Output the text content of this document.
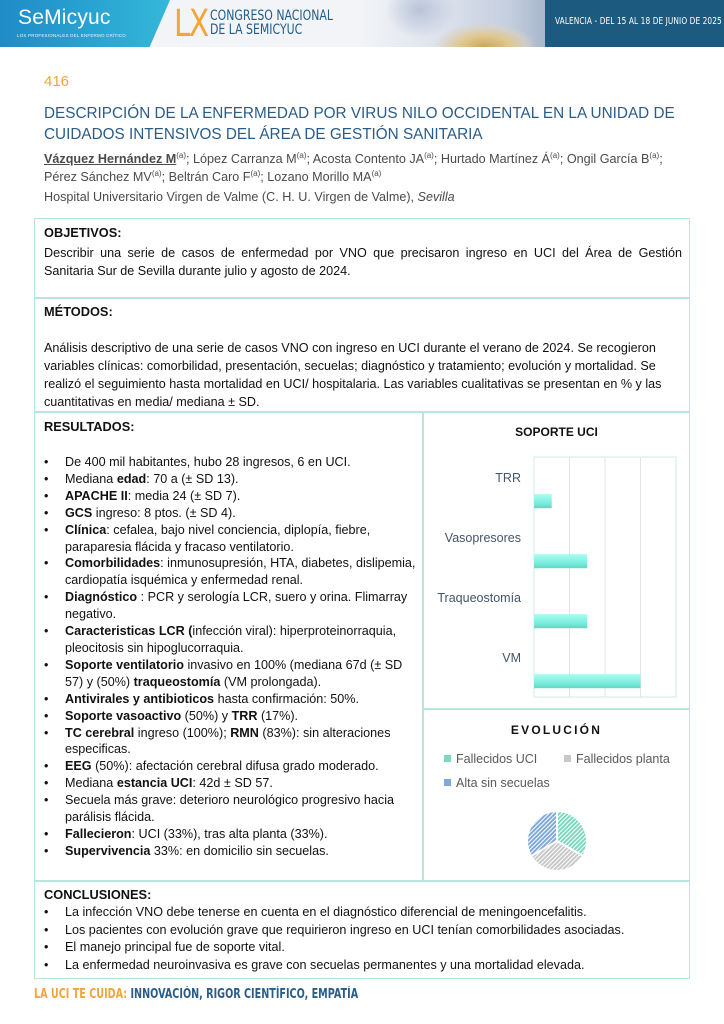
SeMicyuc
LOS PROFESIONALES DEL ENFERMO CRÍTICO LX CONGRESO NACIONAL
DE LA SEMICYUC
VALENCIA - DEL 15 AL 18 DE JUNIO DE 2025
416
DESCRIPCIÓN DE LA ENFERMEDAD POR VIRUS NILO OCCIDENTAL EN LA UNIDAD DE CUIDADOS INTENSIVOS DEL ÁREA DE GESTIÓN SANITARIA
Vázquez Hernández $M^{(a)}$; López Carranza $M^{(a)}$; Acosta Contento JA$^{(a)}$; Hurtado Martínez $Á^{(a)}$; Ongil García $B^{(a)}$; Pérez Sánchez MV$^{(a)}$; Beltrán Caro $F^{(a)}$; Lozano Morillo MA$^{(a)}$
Hospital Universitario Virgen de Valme (C. H. U. Virgen de Valme), Sevilla
OBJETIVOS:
Describir una serie de casos de enfermedad por VNO que precisaron ingreso en UCI del Área de Gestión Sanitaria Sur de Sevilla durante julio y agosto de 2024.
MÉTODOS:
Análisis descriptivo de una serie de casos VNO con ingreso en UCI durante el verano de 2024. Se recogieron variables clínicas: comorbilidad, presentación, secuelas; diagnóstico y tratamiento; evolución y mortalidad. Se realizó el seguimiento hasta mortalidad en UCI/ hospitalaria. Las variables cualitativas se presentan en % y las cuantitativas en media/ mediana ± SD.
RESULTADOS:
• De 400 mil habitantes, hubo 28 ingresos, 6 en UCI.
• Mediana edad: 70 a (± SD 13).
• APACHE II: media 24 (± SD 7).
• GCS ingreso: 8 ptos. (± SD 4).
• Clínica: cefalea, bajo nivel conciencia, diplopía, fiebre, paraparesia flácida y fracaso ventilatorio.
• Comorbilidades: inmunosupresión, HTA, diabetes, dislipemia, cardiopatía isquémica y enfermedad renal.
• Diagnóstico : PCR y serología LCR, suero y orina. Flimarray negativo.
• Caracteristicas LCR (infección viral): hiperproteinorraquia, pleocitosis sin hipoglucorraquia.
• Soporte ventilatorio invasivo en 100% (mediana 67d (± SD 57) y (50%) traqueostomía (VM prolongada).
• Antivirales y antibioticos hasta confirmación: 50%.
• Soporte vasoactivo (50%) y TRR (17%).
• TC cerebral ingreso (100%); RMN (83%): sin alteraciones especificas.
• EEG (50%): afectación cerebral difusa grado moderado.
• Mediana estancia UCI: 42d ± SD 57.
• Secuela más grave: deterioro neurológico progresivo hacia parálisis flácida.
• Fallecieron: UCI (33%), tras alta planta (33%).
• Supervivencia 33%: en domicilio sin secuelas.
SOPORTE UCI
TRR
Vasopresores
Traqueostomía
VM
EVOLUCIÓN
Fallecidos UCI	Fallecidos planta
Alta sin secuelas
CONCLUSIONES:
• La infección VNO debe tenerse en cuenta en el diagnóstico diferencial de meningoencefalitis.
• Los pacientes con evolución grave que requirieron ingreso en UCI tenían comorbilidades asociadas.
• El manejo principal fue de soporte vital.
• La enfermedad neuroinvasiva es grave con secuelas permanentes y una mortalidad elevada.
LA UCI TE CUIDA: INNOVACIÓN, RIGOR CIENTÍFICO, EMPATÍA
